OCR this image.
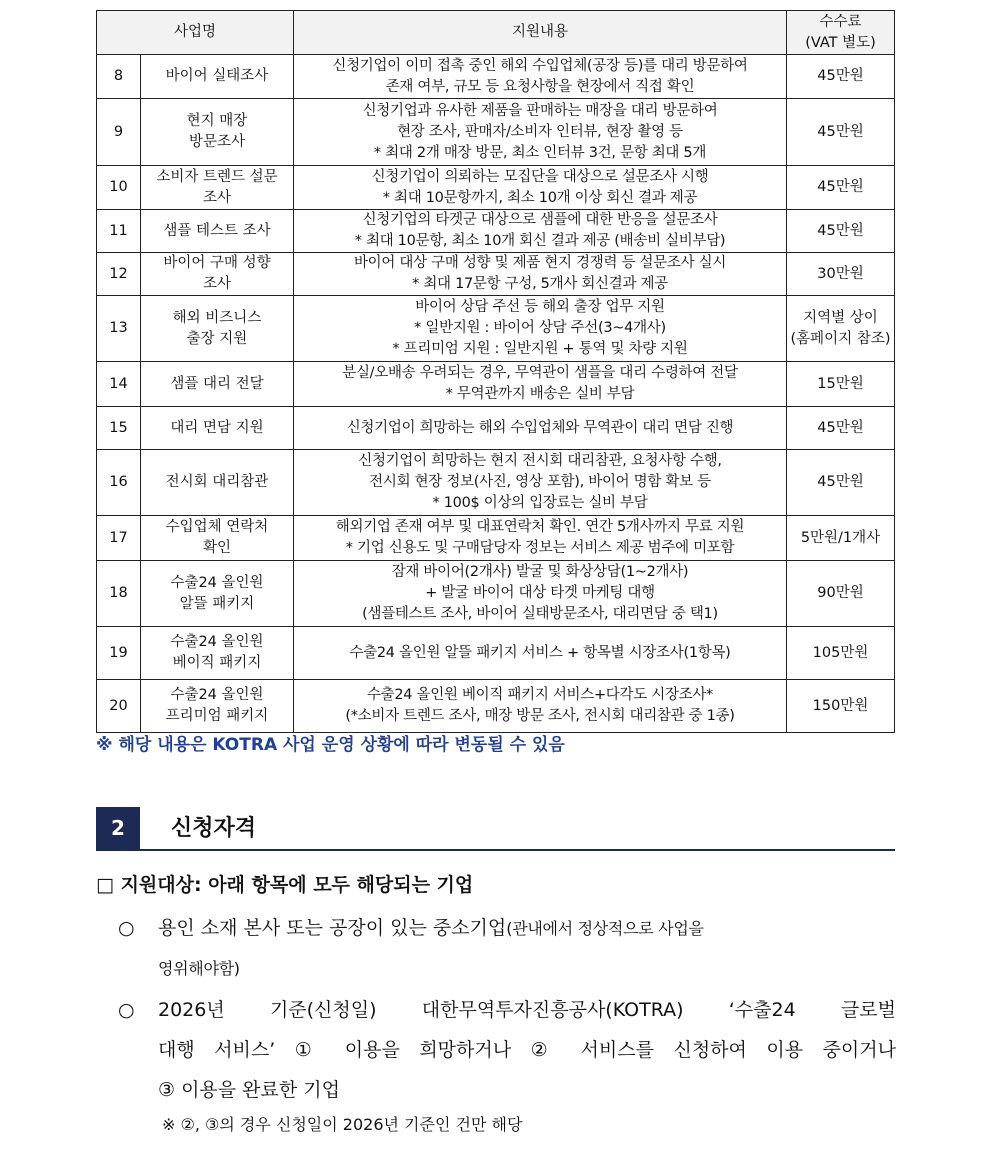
사업명		지원내용	수수료
(VAT 별도)

8	바이어 실태조사	신청기업이 이미 접촉 중인 해외 수입업체(공장 등)를 대리 방문하여
존재 여부, 규모 등 요청사항을 현장에서 직접 확인	45만원

9	현지 매장
방문조사	신청기업과 유사한 제품을 판매하는 매장을 대리 방문하여
현장 조사, 판매자/소비자 인터뷰, 현장 촬영 등
* 최대 2개 매장 방문, 최소 인터뷰 3건, 문항 최대 5개	45만원

10	소비자 트렌드 설문
조사	신청기업이 의뢰하는 모집단을 대상으로 설문조사 시행
* 최대 10문항까지, 최소 10개 이상 회신 결과 제공	45만원

11	샘플 테스트 조사	신청기업의 타겟군 대상으로 샘플에 대한 반응을 설문조사
* 최대 10문항, 최소 10개 회신 결과 제공 (배송비 실비부담)	45만원

12	바이어 구매 성향
조사	바이어 대상 구매 성향 및 제품 현지 경쟁력 등 설문조사 실시
* 최대 17문항 구성, 5개사 회신결과 제공	30만원

13	해외 비즈니스
출장 지원	바이어 상담 주선 등 해외 출장 업무 지원
* 일반지원 : 바이어 상담 주선(3~4개사)
* 프리미엄 지원 : 일반지원 + 통역 및 차량 지원	지역별 상이
(홈페이지 참조)

14	샘플 대리 전달	분실/오배송 우려되는 경우, 무역관이 샘플을 대리 수령하여 전달
* 무역관까지 배송은 실비 부담	15만원

15	대리 면담 지원	신청기업이 희망하는 해외 수입업체와 무역관이 대리 면담 진행	45만원

16	전시회 대리참관	신청기업이 희망하는 현지 전시회 대리참관, 요청사항 수행,
전시회 현장 정보(사진, 영상 포함), 바이어 명함 확보 등
* 100$ 이상의 입장료는 실비 부담	45만원

17	수입업체 연락처
확인	해외기업 존재 여부 및 대표연락처 확인. 연간 5개사까지 무료 지원
* 기업 신용도 및 구매담당자 정보는 서비스 제공 범주에 미포함	5만원/1개사

18	수출24 올인원
알뜰 패키지	잠재 바이어(2개사) 발굴 및 화상상담(1~2개사)
+ 발굴 바이어 대상 타겟 마케팅 대행
(샘플테스트 조사, 바이어 실태방문조사, 대리면담 중 택1)	90만원

19	수출24 올인원
베이직 패키지	수출24 올인원 알뜰 패키지 서비스 + 항목별 시장조사(1항목)	105만원

20	수출24 올인원
프리미엄 패키지	수출24 올인원 베이직 패키지 서비스+다각도 시장조사*
(*소비자 트렌드 조사, 매장 방문 조사, 전시회 대리참관 중 1종)	150만원
※ 해당 내용은 KOTRA 사업 운영 상황에 따라 변동될 수 있음
2	신청자격
□ 지원대상: 아래 항목에 모두 해당되는 기업
○ 용인 소재 본사 또는 공장이 있는 중소기업(관내에서 정상적으로 사업을
영위해야함)
○ 2026년 기준(신청일) 대한무역투자진흥공사(KOTRA) ‘수출24 글로벌
대행 서비스’ ① 이용을 희망하거나 ② 서비스를 신청하여 이용 중이거나
③ 이용을 완료한 기업
※ ②, ③의 경우 신청일이 2026년 기준인 건만 해당
